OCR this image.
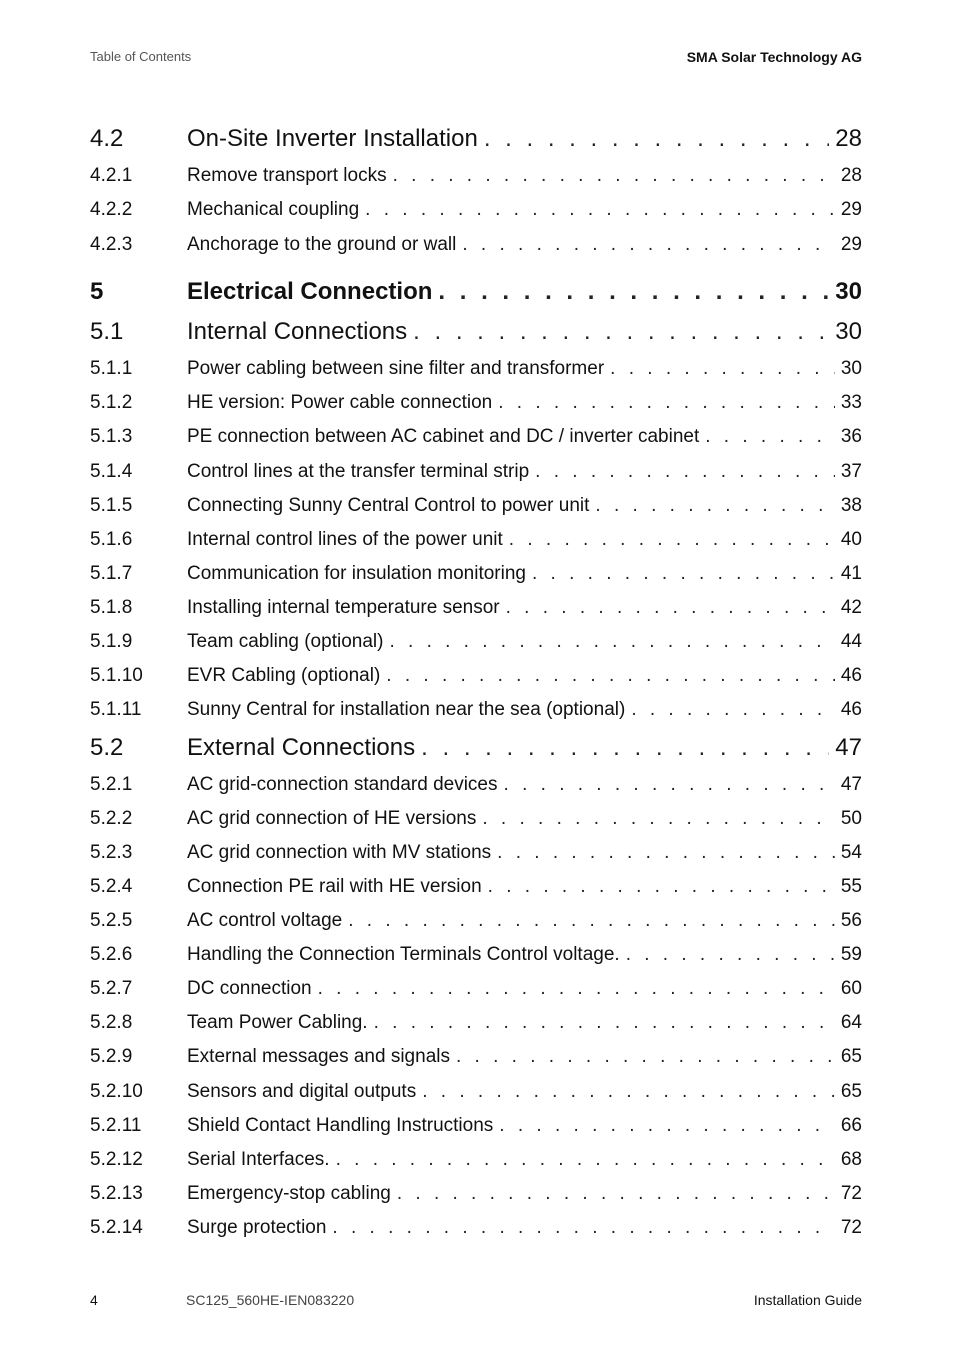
Table of Contents	SMA Solar Technology AG
4.2	On-Site Inverter Installation . . .	28
4.2.1	Remove transport locks . . .	28
4.2.2	Mechanical coupling . . .	29
4.2.3	Anchorage to the ground or wall . . .	29
5	Electrical Connection . . .	30
5.1	Internal Connections . . .	30
5.1.1	Power cabling between sine filter and transformer . . .	30
5.1.2	HE version: Power cable connection . . .	33
5.1.3	PE connection between AC cabinet and DC / inverter cabinet . . .	36
5.1.4	Control lines at the transfer terminal strip . . .	37
5.1.5	Connecting Sunny Central Control to power unit . . .	38
5.1.6	Internal control lines of the power unit . . .	40
5.1.7	Communication for insulation monitoring . . .	41
5.1.8	Installing internal temperature sensor . . .	42
5.1.9	Team cabling (optional) . . .	44
5.1.10	EVR Cabling (optional) . . .	46
5.1.11	Sunny Central for installation near the sea (optional) . . .	46
5.2	External Connections . . .	47
5.2.1	AC grid-connection standard devices . . .	47
5.2.2	AC grid connection of HE versions . . .	50
5.2.3	AC grid connection with MV stations . . .	54
5.2.4	Connection PE rail with HE version . . .	55
5.2.5	AC control voltage . . .	56
5.2.6	Handling the Connection Terminals Control voltage. . . .	59
5.2.7	DC connection . . .	60
5.2.8	Team Power Cabling. . . .	64
5.2.9	External messages and signals . . .	65
5.2.10	Sensors and digital outputs . . .	65
5.2.11	Shield Contact Handling Instructions . . .	66
5.2.12	Serial Interfaces. . . .	68
5.2.13	Emergency-stop cabling . . .	72
5.2.14	Surge protection . . .	72
4	SC125_560HE-IEN083220	Installation Guide
